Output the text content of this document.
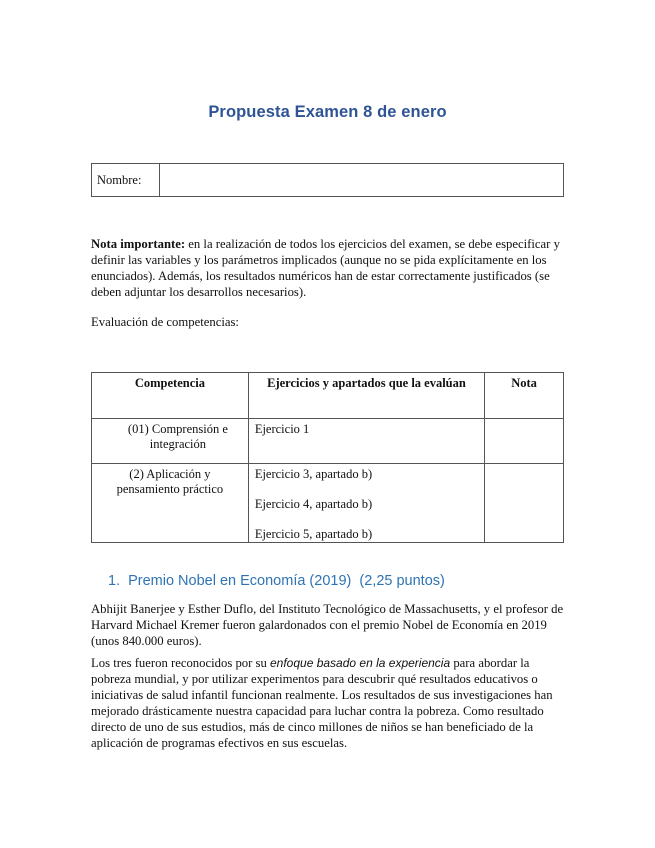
Propuesta Examen 8 de enero
Nombre:

Nota importante: en la realización de todos los ejercicios del examen, se debe especificar y definir las variables y los parámetros implicados (aunque no se pida explícitamente en los enunciados). Además, los resultados numéricos han de estar correctamente justificados (se deben adjuntar los desarrollos necesarios).

Evaluación de competencias:

Competencia	Ejercicios y apartados que la evalúan	Nota
(01) Comprensión e integración	Ejercicio 1	

(2) Aplicación y pensamiento práctico	Ejercicio 3, apartado b)
Ejercicio 4, apartado b)
Ejercicio 5, apartado b)	

1. Premio Nobel en Economía (2019)  (2,25 puntos)

Abhijit Banerjee y Esther Duflo, del Instituto Tecnológico de Massachusetts, y el profesor de Harvard Michael Kremer fueron galardonados con el premio Nobel de Economía en 2019 (unos 840.000 euros).

Los tres fueron reconocidos por su enfoque basado en la experiencia para abordar la pobreza mundial, y por utilizar experimentos para descubrir qué resultados educativos o iniciativas de salud infantil funcionan realmente. Los resultados de sus investigaciones han mejorado drásticamente nuestra capacidad para luchar contra la pobreza. Como resultado directo de uno de sus estudios, más de cinco millones de niños se han beneficiado de la aplicación de programas efectivos en sus escuelas.
